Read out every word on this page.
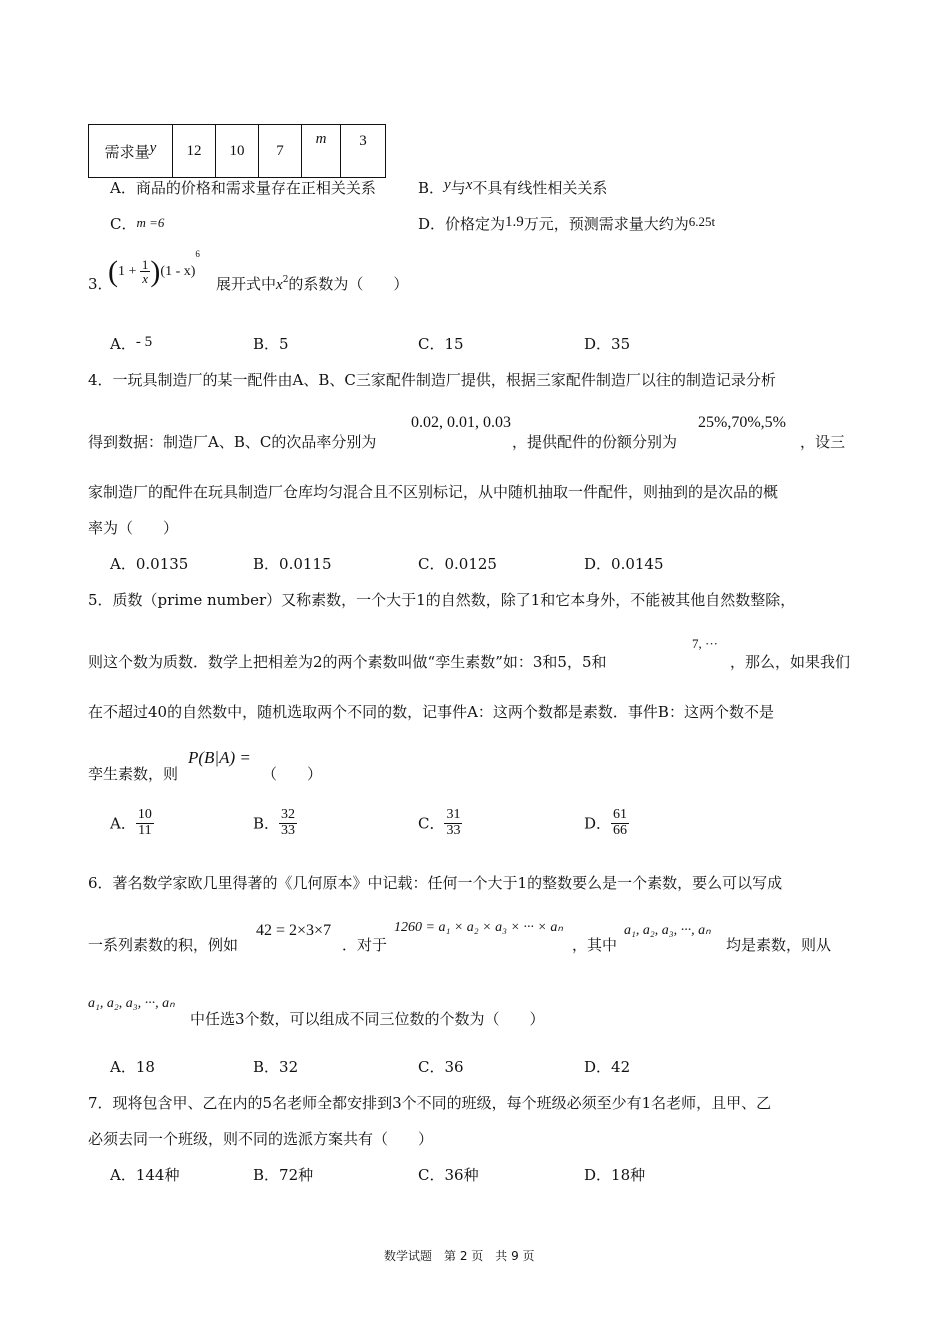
需求量y	12	10	7	m	3
A．商品的价格和需求量存在正相关关系	B．y与x不具有线性相关关系
C．m =6	D．价格定为1.9万元，预测需求量大约为6.25t
3．
$(1 + \frac{1}{x} )(1 - x)^6$
展开式中$x^2$的系数为（　　）
A．- 5	B．5	C．15	D．35
4．一玩具制造厂的某一配件由A、B、C三家配件制造厂提供，根据三家配件制造厂以往的制造记录分析
0.02, 0.01, 0.03	25%,70%,5%
得到数据：制造厂A、B、C的次品率分别为	，提供配件的份额分别为	，设三
家制造厂的配件在玩具制造厂仓库均匀混合且不区别标记，从中随机抽取一件配件，则抽到的是次品的概
率为（　　）
A．0.0135	B．0.0115	C．0.0125	D．0.0145
5．质数（prime number）又称素数，一个大于1的自然数，除了1和它本身外，不能被其他自然数整除，
7, ···
则这个数为质数．数学上把相差为2的两个素数叫做“孪生素数”如：3和5，5和	，那么，如果我们
在不超过40的自然数中，随机选取两个不同的数，记事件A：这两个数都是素数．事件B：这两个数不是
孪生素数，则
P(B|A) =
（　　）
A． $\frac{10}{11}$	B． $\frac{32}{33}$	C． $\frac{31}{33}$	D． $\frac{61}{66}$
6．著名数学家欧几里得著的《几何原本》中记载：任何一个大于1的整数要么是一个素数，要么可以写成
一系列素数的积，例如
42 = 2×3×7
．对于
1260 = a₁ × a₂ × a₃ × ··· × aₙ
，其中
a₁, a₂, a₃, ···, aₙ
均是素数，则从
a₁, a₂, a₃, ···, aₙ
中任选3个数，可以组成不同三位数的个数为（　　）
A．18	B．32	C．36	D．42
7．现将包含甲、乙在内的5名老师全都安排到3个不同的班级，每个班级必须至少有1名老师，且甲、乙
必须去同一个班级，则不同的选派方案共有（　　）
A．144种	B．72种	C．36种	D．18种
数学试题　第 2 页　共 9 页
